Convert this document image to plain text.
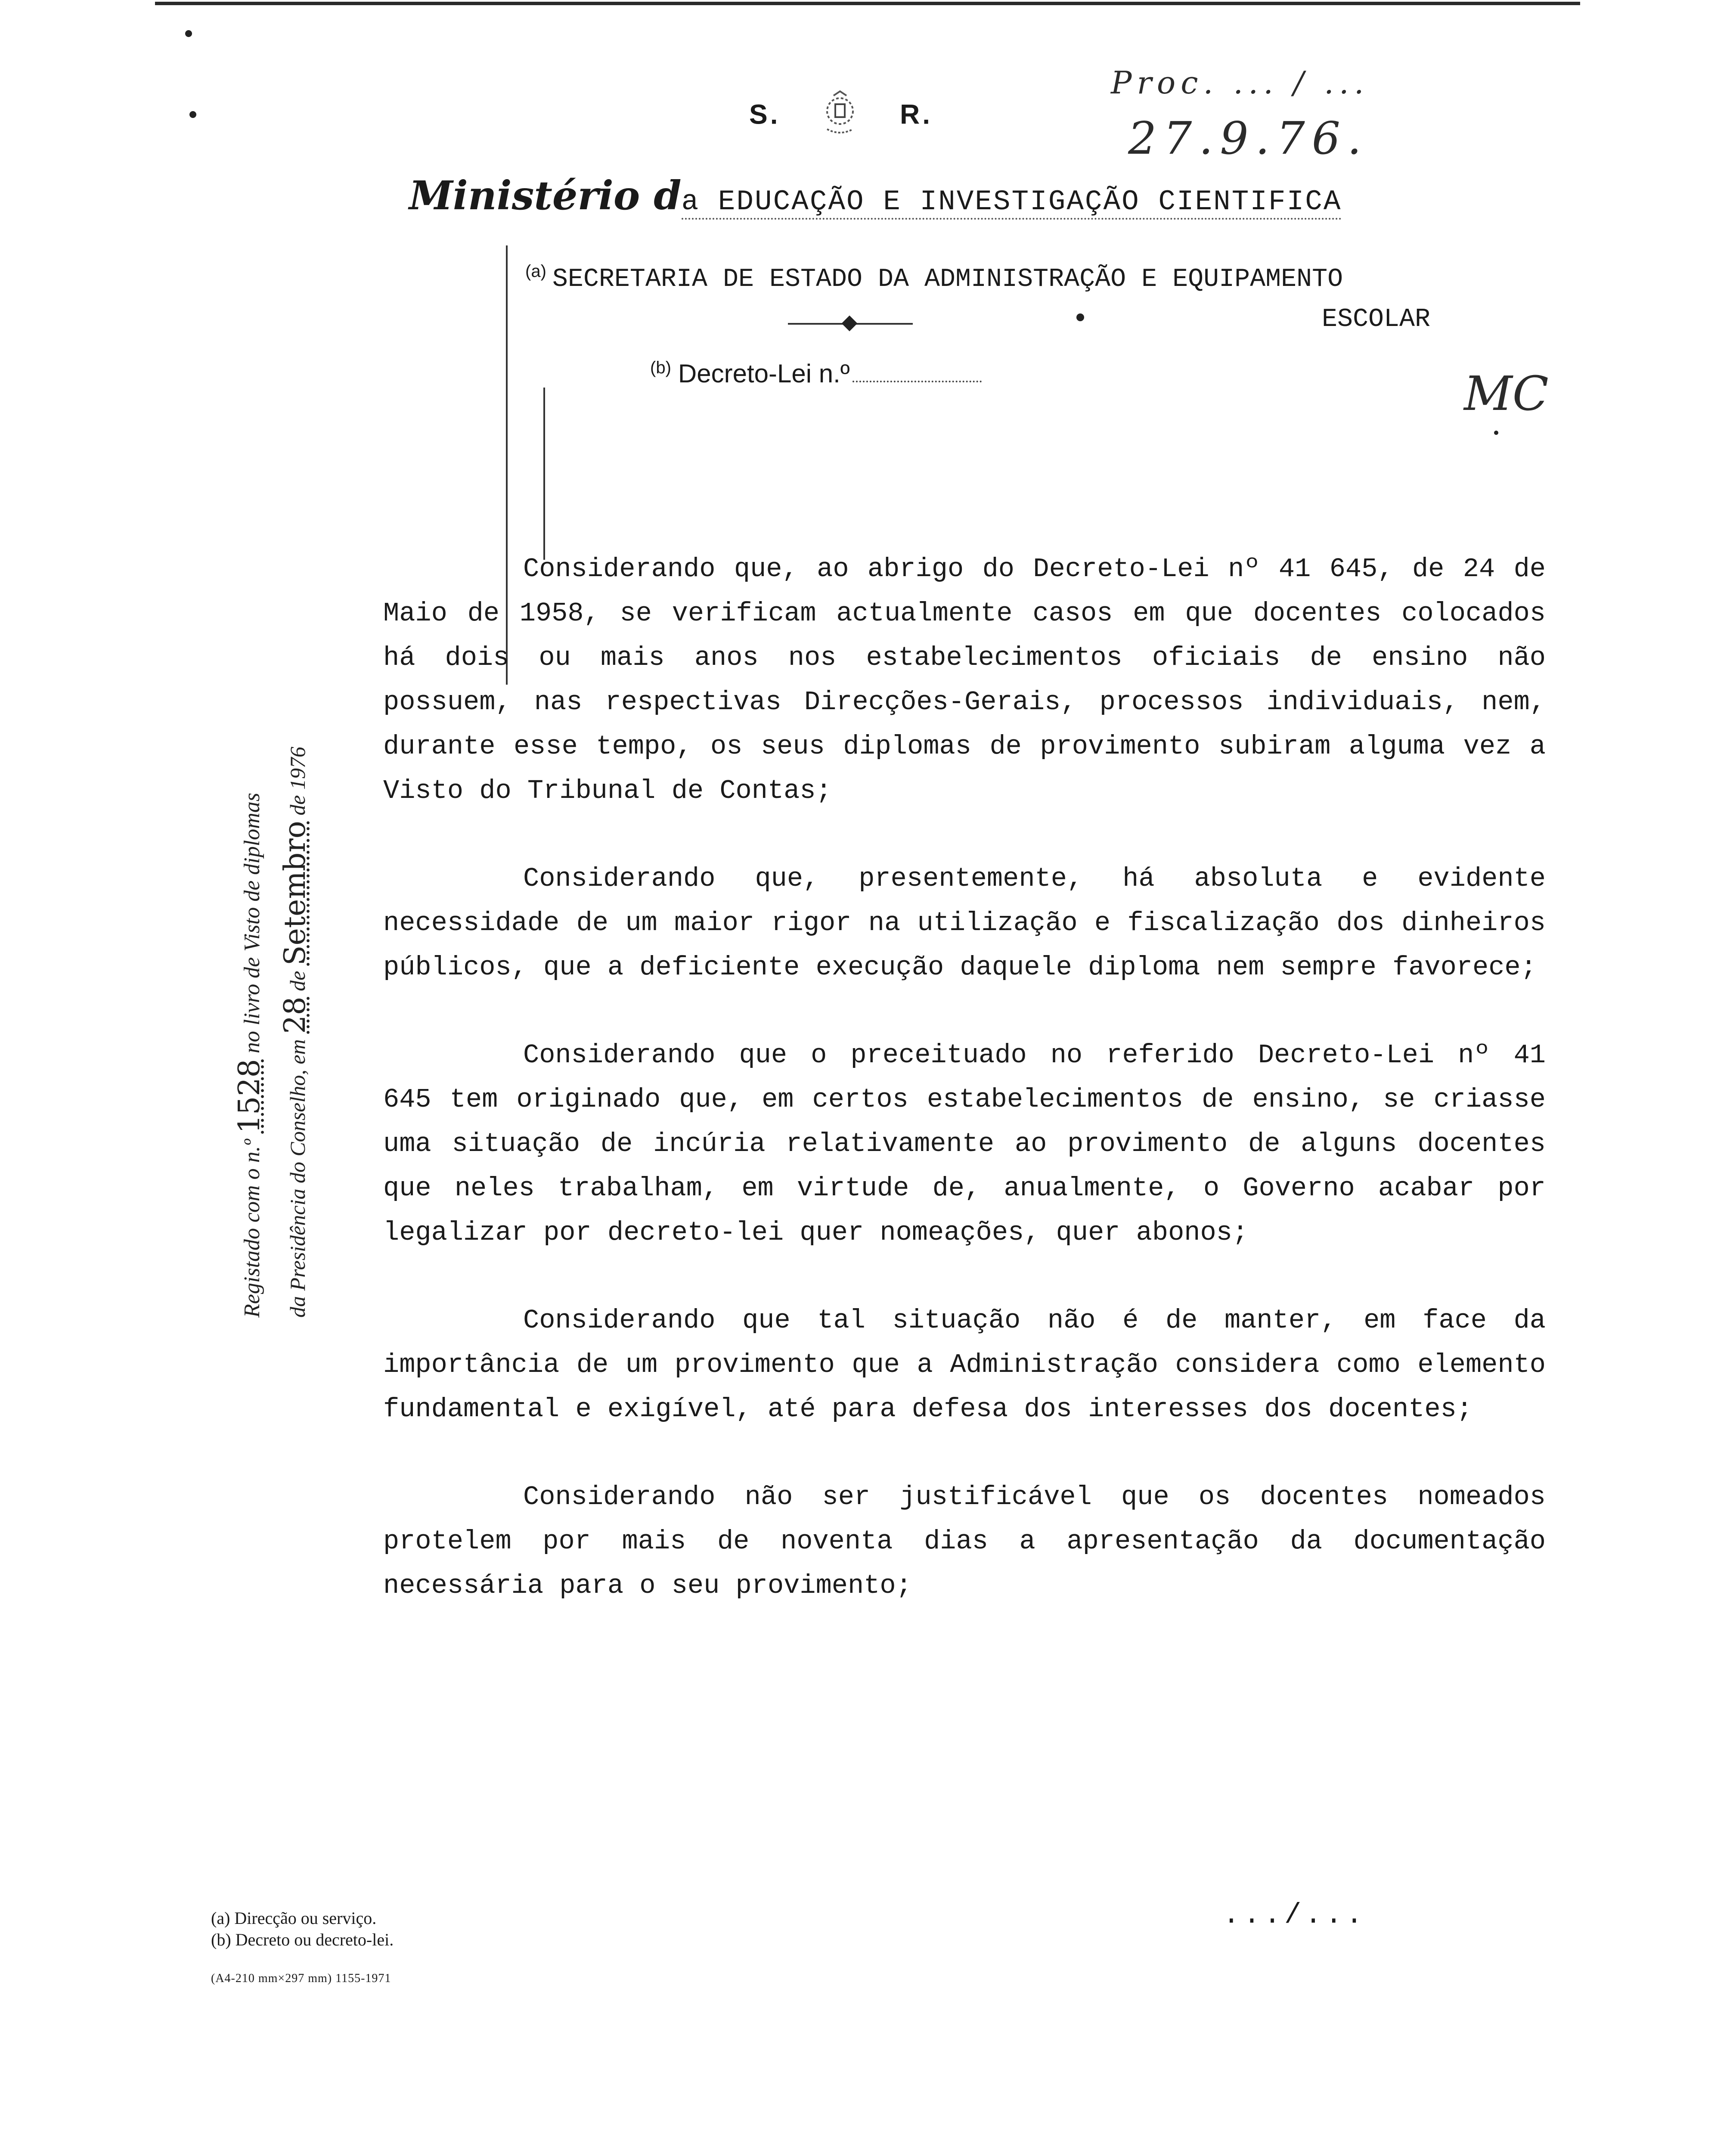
S.	R.
Proc. ... / ...
27.9.76.
MC
Ministério da EDUCAÇÃO E INVESTIGAÇÃO CIENTIFICA
$^{(a)}$ SECRETARIA DE ESTADO DA ADMINISTRAÇÃO E EQUIPAMENTO
ESCOLAR
$^{(b)}$ Decreto-Lei n.º

Considerando que, ao abrigo do Decreto-Lei nº 41 645, de 24 de Maio de 1958, se verificam actualmente casos em que docentes colocados há dois ou mais anos nos estabelecimentos oficiais de ensino não possuem, nas respectivas Direcções-Gerais, processos individuais, nem, durante esse tempo, os seus diplomas de provimento subiram alguma vez a Visto do Tribunal de Contas;

Considerando que, presentemente, há absoluta e evidente necessidade de um maior rigor na utilização e fiscalização dos dinheiros públicos, que a deficiente execução daquele diploma nem sempre favorece;

Considerando que o preceituado no referido Decreto-Lei nº 41 645 tem originado que, em certos estabelecimentos de ensino, se criasse uma situação de incúria relativamente ao provimento de alguns docentes que neles trabalham, em virtude de, anualmente, o Governo acabar por legalizar por decreto-lei quer nomeações, quer abonos;

Considerando que tal situação não é de manter, em face da importância de um provimento que a Administração considera como elemento fundamental e exigível, até para defesa dos interesses dos docentes;

Considerando não ser justificável que os docentes nomeados protelem por mais de noventa dias a apresentação da documentação necessária para o seu provimento;

Registado com o n.º 1528 no livro de Visto de diplomas
da Presidência do Conselho, em 28 de Setembro de 1976
(a) Direcção ou serviço.
(b) Decreto ou decreto-lei.
(A4-210 mm×297 mm) 1155-1971
.../...
